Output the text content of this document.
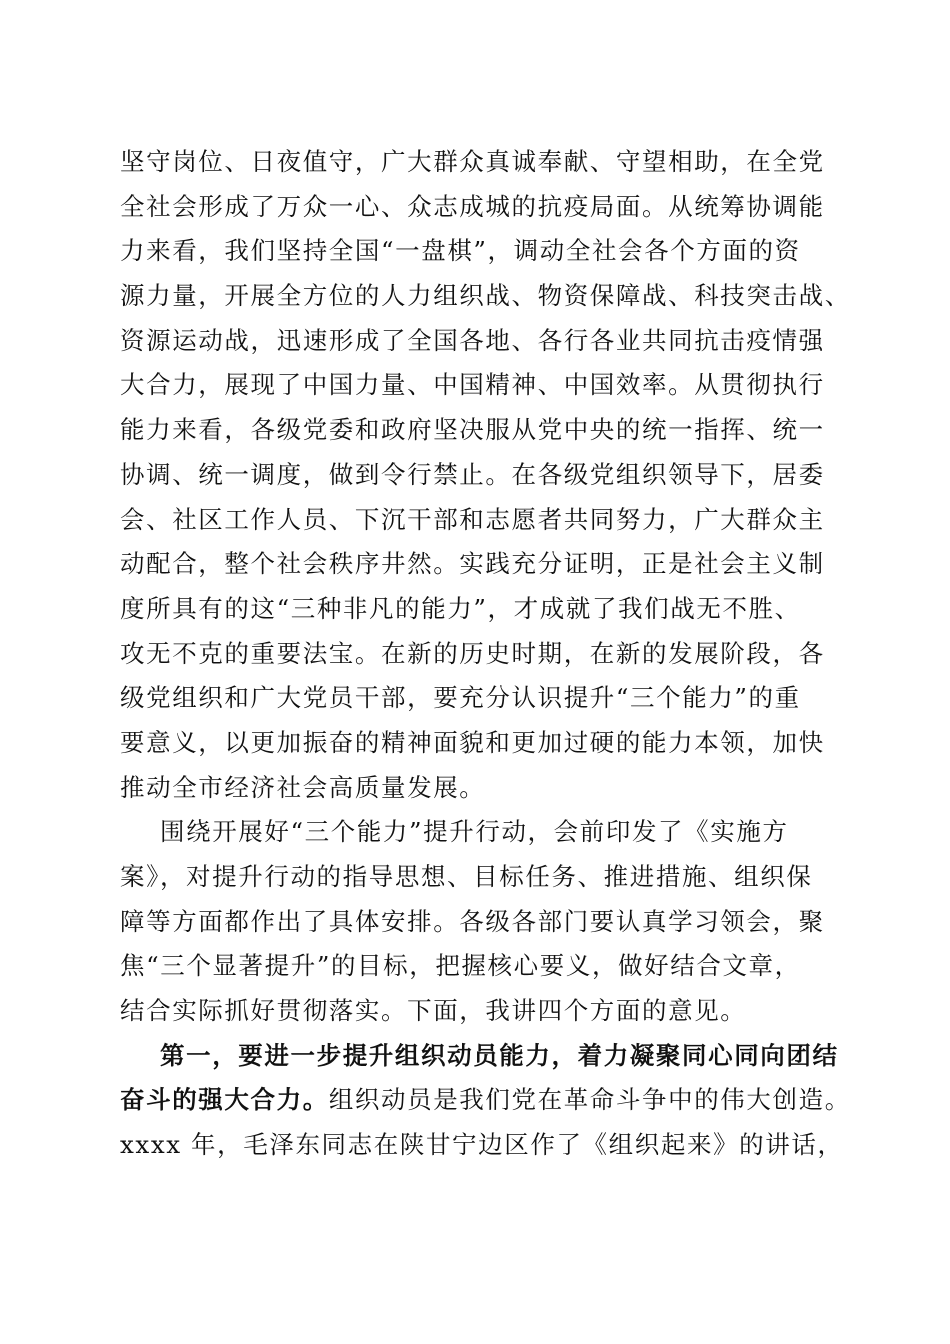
坚守岗位、日夜值守，广大群众真诚奉献、守望相助，在全党
全社会形成了万众一心、众志成城的抗疫局面。从统筹协调能
力来看，我们坚持全国“一盘棋”，调动全社会各个方面的资
源力量，开展全方位的人力组织战、物资保障战、科技突击战、
资源运动战，迅速形成了全国各地、各行各业共同抗击疫情强
大合力，展现了中国力量、中国精神、中国效率。从贯彻执行
能力来看，各级党委和政府坚决服从党中央的统一指挥、统一
协调、统一调度，做到令行禁止。在各级党组织领导下，居委
会、社区工作人员、下沉干部和志愿者共同努力，广大群众主
动配合，整个社会秩序井然。实践充分证明，正是社会主义制
度所具有的这“三种非凡的能力”，才成就了我们战无不胜、
攻无不克的重要法宝。在新的历史时期，在新的发展阶段，各
级党组织和广大党员干部，要充分认识提升“三个能力”的重
要意义，以更加振奋的精神面貌和更加过硬的能力本领，加快
推动全市经济社会高质量发展。
围绕开展好“三个能力”提升行动，会前印发了《实施方
案》，对提升行动的指导思想、目标任务、推进措施、组织保
障等方面都作出了具体安排。各级各部门要认真学习领会，聚
焦“三个显著提升”的目标，把握核心要义，做好结合文章，
结合实际抓好贯彻落实。下面，我讲四个方面的意见。
第一，要进一步提升组织动员能力，着力凝聚同心同向团结
奋斗的强大合力。组织动员是我们党在革命斗争中的伟大创造。
xxxx 年，毛泽东同志在陕甘宁边区作了《组织起来》的讲话，
